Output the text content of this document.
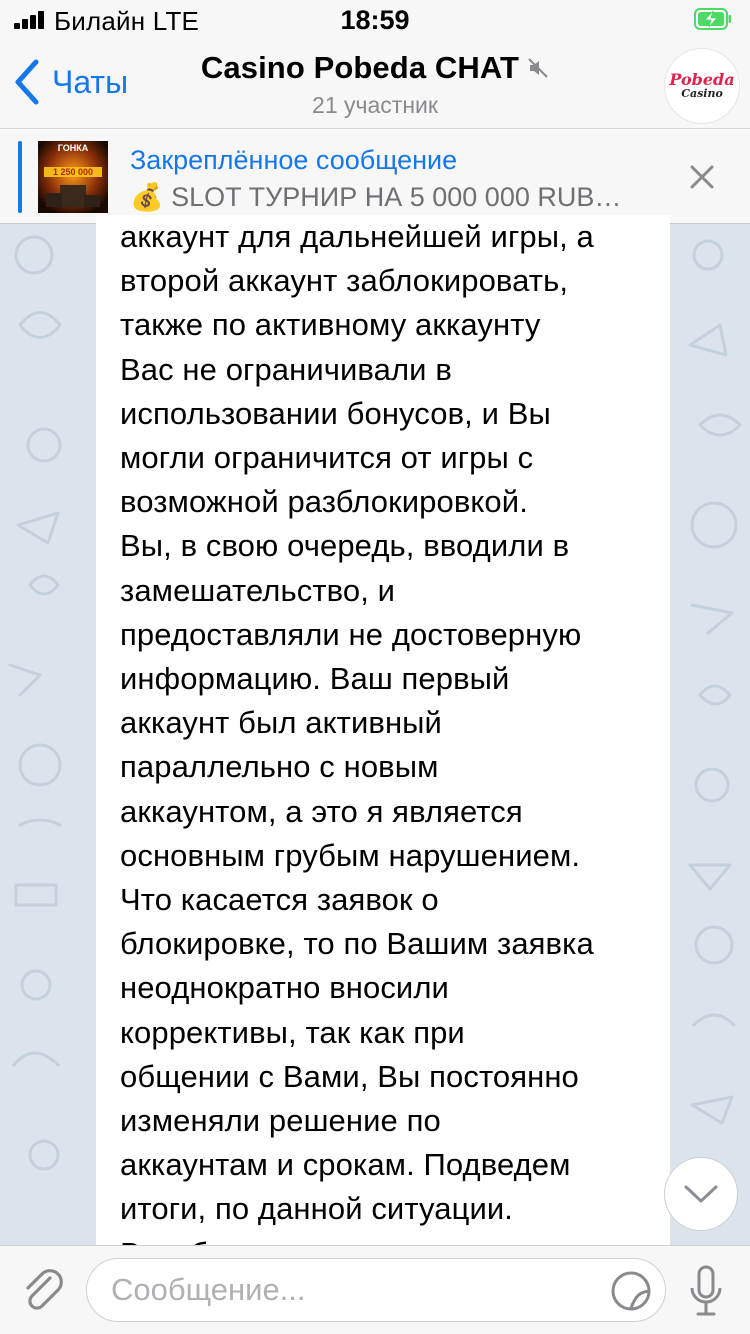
Билайн LTE	18:59
Чаты Casino Pobeda CHAT
21 участник
Pobeda
Casino
ГОНКА
1 250 000	Закреплённое сообщение
💰 SLOT ТУРНИР НА 5 000 000 RUB…
аккаунт для дальнейшей игры, а
второй аккаунт заблокировать,
также по активному аккаунту
Вас не ограничивали в
использовании бонусов, и Вы
могли ограничится от игры с
возможной разблокировкой.
Вы, в свою очередь, вводили в
замешательство, и
предоставляли не достоверную
информацию. Ваш первый
аккаунт был активный
параллельно с новым
аккаунтом, а это я является
основным грубым нарушением.
Что касается заявок о
блокировке, то по Вашим заявка
неоднократно вносили
коррективы, так как при
общении с Вами, Вы постоянно
изменяли решение по
аккаунтам и срокам. Подведем
итоги, по данной ситуации.
Сообщение...
